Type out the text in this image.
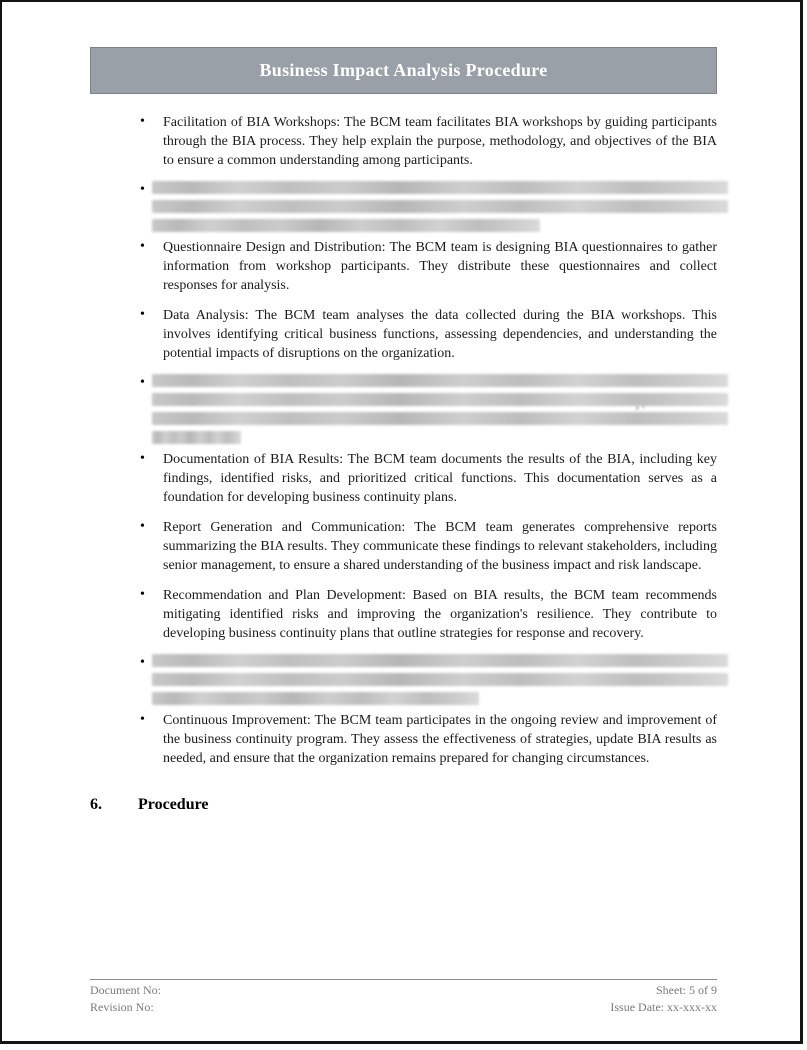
Business Impact Analysis Procedure
• Facilitation of BIA Workshops: The BCM team facilitates BIA workshops by guiding participants through the BIA process. They help explain the purpose, methodology, and objectives of the BIA to ensure a common understanding among participants.
•
• Questionnaire Design and Distribution: The BCM team is designing BIA questionnaires to gather information from workshop participants. They distribute these questionnaires and collect responses for analysis.
• Data Analysis: The BCM team analyses the data collected during the BIA workshops. This involves identifying critical business functions, assessing dependencies, and understanding the potential impacts of disruptions on the organization.
•
, .
• Documentation of BIA Results: The BCM team documents the results of the BIA, including key findings, identified risks, and prioritized critical functions. This documentation serves as a foundation for developing business continuity plans.
• Report Generation and Communication: The BCM team generates comprehensive reports summarizing the BIA results. They communicate these findings to relevant stakeholders, including senior management, to ensure a shared understanding of the business impact and risk landscape.
• Recommendation and Plan Development: Based on BIA results, the BCM team recommends mitigating identified risks and improving the organization's resilience. They contribute to developing business continuity plans that outline strategies for response and recovery.
•
• Continuous Improvement: The BCM team participates in the ongoing review and improvement of the business continuity program. They assess the effectiveness of strategies, update BIA results as needed, and ensure that the organization remains prepared for changing circumstances.
6.	Procedure
Document No:
Revision No:
Sheet: 5 of 9
Issue Date: xx-xxx-xx
